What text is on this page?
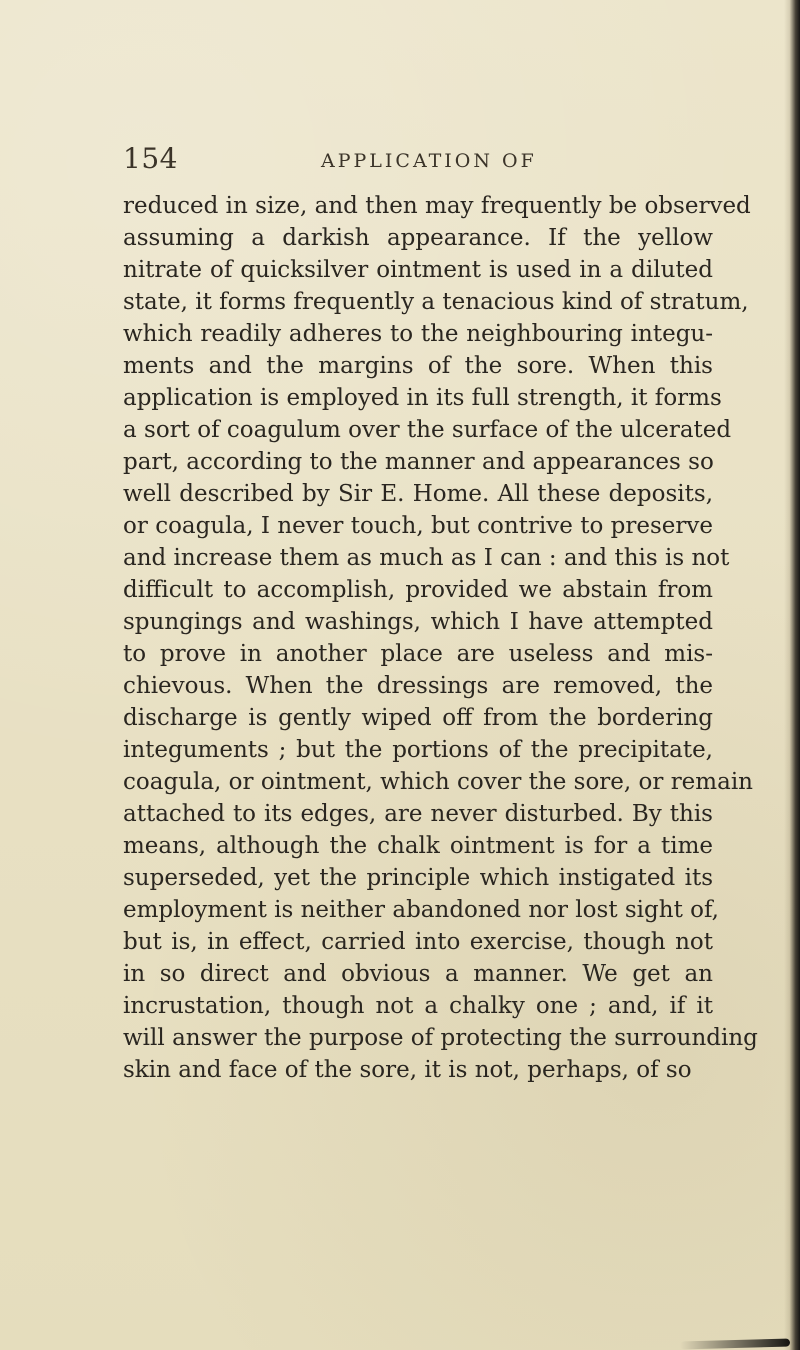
154	APPLICATION OF
reduced in size, and then may frequently be observed
assuming a darkish appearance. If the yellow
nitrate of quicksilver ointment is used in a diluted
state, it forms frequently a tenacious kind of stratum,
which readily adheres to the neighbouring integu-
ments and the margins of the sore. When this
application is employed in its full strength, it forms
a sort of coagulum over the surface of the ulcerated
part, according to the manner and appearances so
well described by Sir E. Home. All these deposits,
or coagula, I never touch, but contrive to preserve
and increase them as much as I can : and this is not
difficult to accomplish, provided we abstain from
spungings and washings, which I have attempted
to prove in another place are useless and mis-
chievous. When the dressings are removed, the
discharge is gently wiped off from the bordering
integuments ; but the portions of the precipitate,
coagula, or ointment, which cover the sore, or remain
attached to its edges, are never disturbed. By this
means, although the chalk ointment is for a time
superseded, yet the principle which instigated its
employment is neither abandoned nor lost sight of,
but is, in effect, carried into exercise, though not
in so direct and obvious a manner. We get an
incrustation, though not a chalky one ; and, if it
will answer the purpose of protecting the surrounding
skin and face of the sore, it is not, perhaps, of so
